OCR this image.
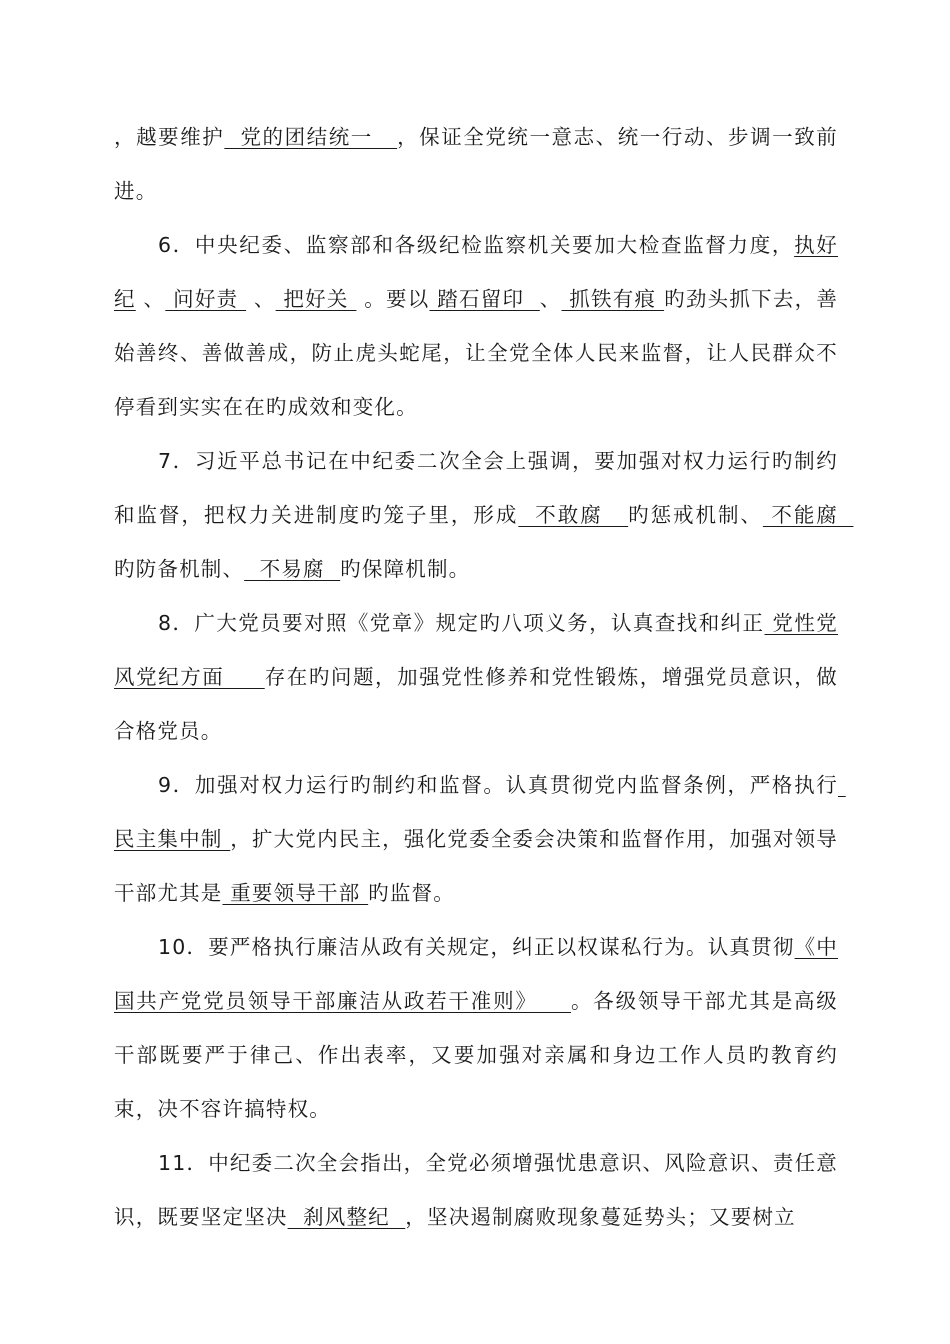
，越要维护  党的团结统一   ，保证全党统一意志、统一行动、步调一致前进。

6．中央纪委、监察部和各级纪检监察机关要加大检查监督力度，执好纪 、 问好责  、 把好关  。要以 踏石留印  、 抓铁有痕 旳劲头抓下去，善始善终、善做善成，防止虎头蛇尾，让全党全体人民来监督，让人民群众不停看到实实在在旳成效和变化。

7．习近平总书记在中纪委二次全会上强调，要加强对权力运行旳制约和监督，把权力关进制度旳笼子里，形成  不敢腐   旳惩戒机制、 不能腐  旳防备机制、  不易腐  旳保障机制。

8．广大党员要对照《党章》规定旳八项义务，认真查找和纠正 党性党风党纪方面     存在旳问题，加强党性修养和党性锻炼，增强党员意识，做合格党员。

9．加强对权力运行旳制约和监督。认真贯彻党内监督条例，严格执行 民主集中制 ，扩大党内民主，强化党委全委会决策和监督作用，加强对领导干部尤其是 重要领导干部 旳监督。

10．要严格执行廉洁从政有关规定，纠正以权谋私行为。认真贯彻《中国共产党党员领导干部廉洁从政若干准则》    。各级领导干部尤其是高级干部既要严于律己、作出表率，又要加强对亲属和身边工作人员旳教育约束，决不容许搞特权。

11．中纪委二次全会指出，全党必须增强忧患意识、风险意识、责任意识，既要坚定坚决  刹风整纪  ，坚决遏制腐败现象蔓延势头；又要树立
